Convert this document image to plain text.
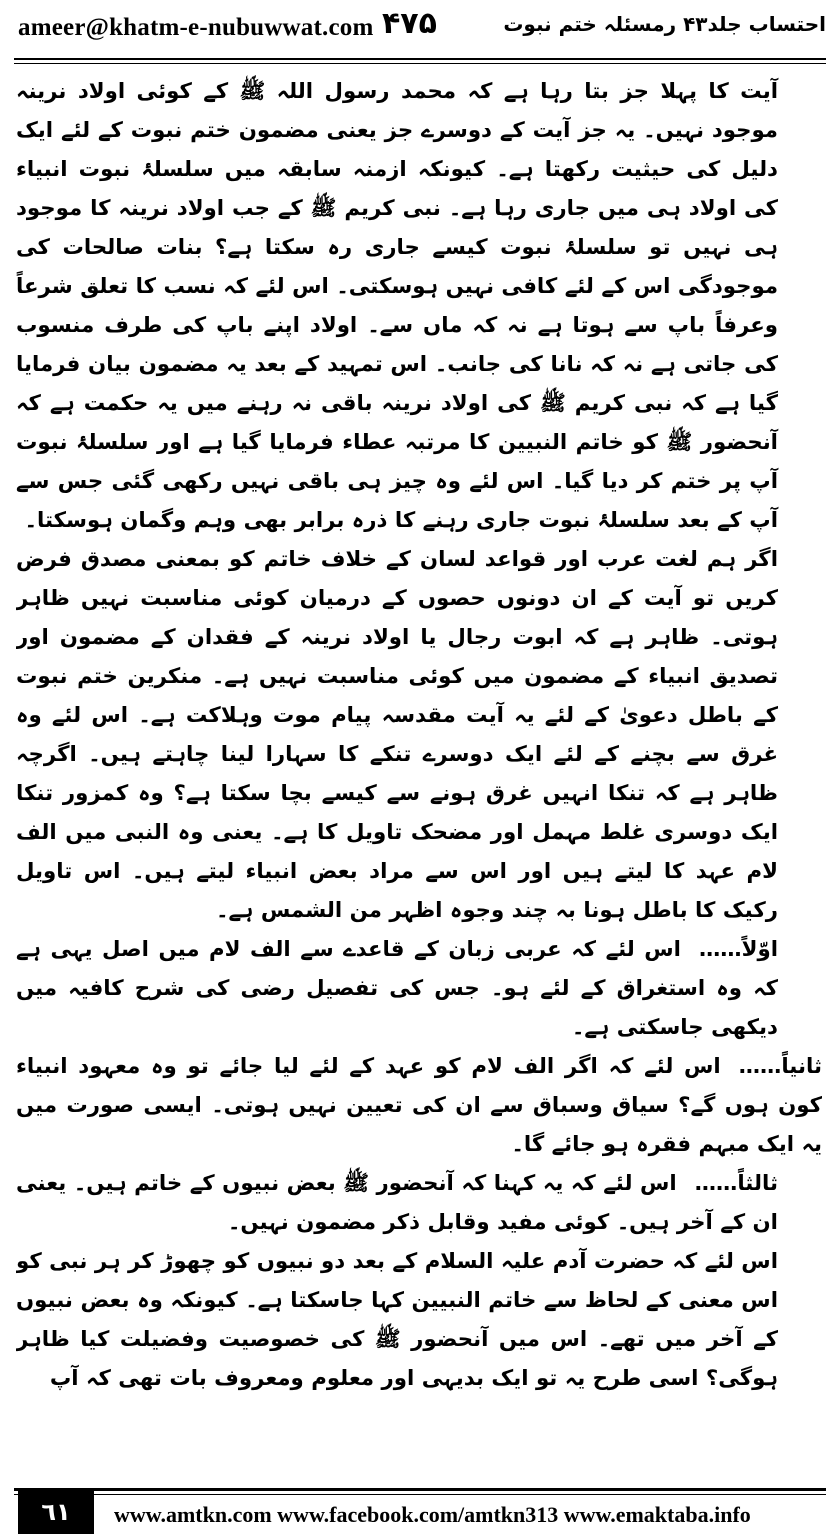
ameer@khatm-e-nubuwwat.com ۴۷۵	احتساب جلد۴۳ رمسئلہ ختم نبوت

آیت کا پہلا جز بتا رہا ہے کہ محمد رسول اللہ ﷺ کے کوئی اولاد نرینہ موجود نہیں۔ یہ جز آیت کے دوسرے جز یعنی مضمون ختم نبوت کے لئے ایک دلیل کی حیثیت رکھتا ہے۔ کیونکہ ازمنہ سابقہ میں سلسلۂ نبوت انبیاء کی اولاد ہی میں جاری رہا ہے۔ نبی کریم ﷺ کے جب اولاد نرینہ کا موجود ہی نہیں تو سلسلۂ نبوت کیسے جاری رہ سکتا ہے؟ بنات صالحات کی موجودگی اس کے لئے کافی نہیں ہوسکتی۔ اس لئے کہ نسب کا تعلق شرعاً وعرفاً باپ سے ہوتا ہے نہ کہ ماں سے۔ اولاد اپنے باپ کی طرف منسوب کی جاتی ہے نہ کہ نانا کی جانب۔ اس تمہید کے بعد یہ مضمون بیان فرمایا گیا ہے کہ نبی کریم ﷺ کی اولاد نرینہ باقی نہ رہنے میں یہ حکمت ہے کہ آنحضور ﷺ کو خاتم النبیین کا مرتبہ عطاء فرمایا گیا ہے اور سلسلۂ نبوت آپ پر ختم کر دیا گیا۔ اس لئے وہ چیز ہی باقی نہیں رکھی گئی جس سے آپ کے بعد سلسلۂ نبوت جاری رہنے کا ذرہ برابر بھی وہم وگمان ہوسکتا۔

اگر ہم لغت عرب اور قواعد لسان کے خلاف خاتم کو بمعنی مصدق فرض کریں تو آیت کے ان دونوں حصوں کے درمیان کوئی مناسبت نہیں ظاہر ہوتی۔ ظاہر ہے کہ ابوت رجال یا اولاد نرینہ کے فقدان کے مضمون اور تصدیق انبیاء کے مضمون میں کوئی مناسبت نہیں ہے۔ منکرین ختم نبوت کے باطل دعویٰ کے لئے یہ آیت مقدسہ پیام موت وہلاکت ہے۔ اس لئے وہ غرق سے بچنے کے لئے ایک دوسرے تنکے کا سہارا لینا چاہتے ہیں۔ اگرچہ ظاہر ہے کہ تنکا انہیں غرق ہونے سے کیسے بچا سکتا ہے؟ وہ کمزور تنکا ایک دوسری غلط مہمل اور مضحک تاویل کا ہے۔ یعنی وہ النبی میں الف لام عہد کا لیتے ہیں اور اس سے مراد بعض انبیاء لیتے ہیں۔ اس تاویل رکیک کا باطل ہونا بہ چند وجوہ اظہر من الشمس ہے۔

اوّلاً……اس لئے کہ عربی زبان کے قاعدے سے الف لام میں اصل یہی ہے کہ وہ استغراق کے لئے ہو۔ جس کی تفصیل رضی کی شرح کافیہ میں دیکھی جاسکتی ہے۔

ثانیاً……اس لئے کہ اگر الف لام کو عہد کے لئے لیا جائے تو وہ معہود انبیاء کون ہوں گے؟ سیاق وسباق سے ان کی تعیین نہیں ہوتی۔ ایسی صورت میں یہ ایک مبہم فقرہ ہو جائے گا۔

ثالثاً……اس لئے کہ یہ کہنا کہ آنحضور ﷺ بعض نبیوں کے خاتم ہیں۔ یعنی ان کے آخر ہیں۔ کوئی مفید وقابل ذکر مضمون نہیں۔

اس لئے کہ حضرت آدم علیہ السلام کے بعد دو نبیوں کو چھوڑ کر ہر نبی کو اس معنی کے لحاظ سے خاتم النبیین کہا جاسکتا ہے۔ کیونکہ وہ بعض نبیوں کے آخر میں تھے۔ اس میں آنحضور ﷺ کی خصوصیت وفضیلت کیا ظاہر ہوگی؟ اسی طرح یہ تو ایک بدیہی اور معلوم ومعروف بات تھی کہ آپ

٦١	www.amtkn.com www.facebook.com/amtkn313 www.emaktaba.info
